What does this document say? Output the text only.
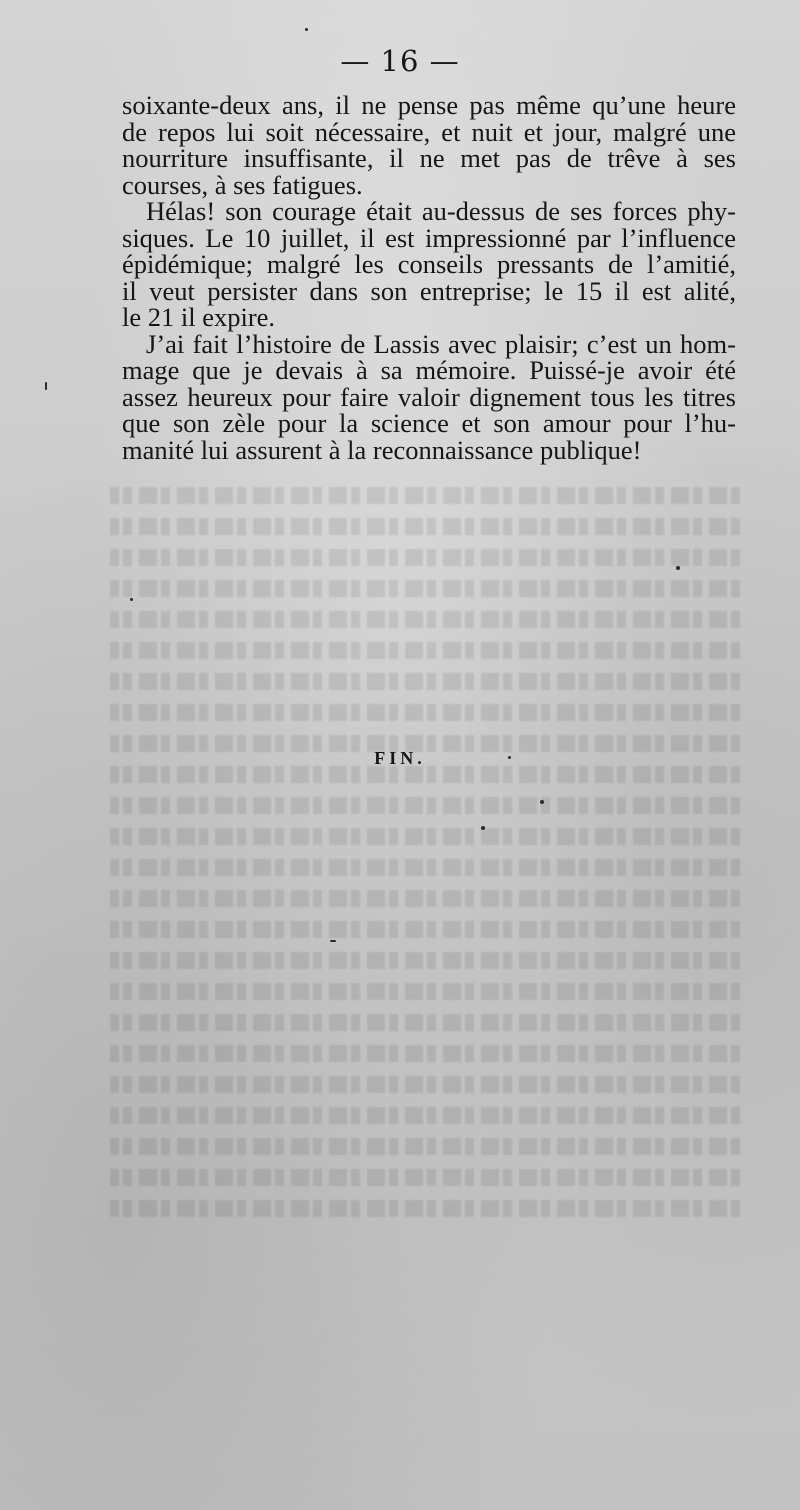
— 16 —
soixante-deux ans, il ne pense pas même qu’une heure
de repos lui soit nécessaire, et nuit et jour, malgré une
nourriture insuffisante, il ne met pas de trêve à ses
courses, à ses fatigues.
Hélas! son courage était au-dessus de ses forces phy-
siques. Le 10 juillet, il est impressionné par l’influence
épidémique; malgré les conseils pressants de l’amitié,
il veut persister dans son entreprise; le 15 il est alité,
le 21 il expire.
J’ai fait l’histoire de Lassis avec plaisir; c’est un hom-
mage que je devais à sa mémoire. Puissé-je avoir été
assez heureux pour faire valoir dignement tous les titres
que son zèle pour la science et son amour pour l’hu-
manité lui assurent à la reconnaissance publique!
FIN.
